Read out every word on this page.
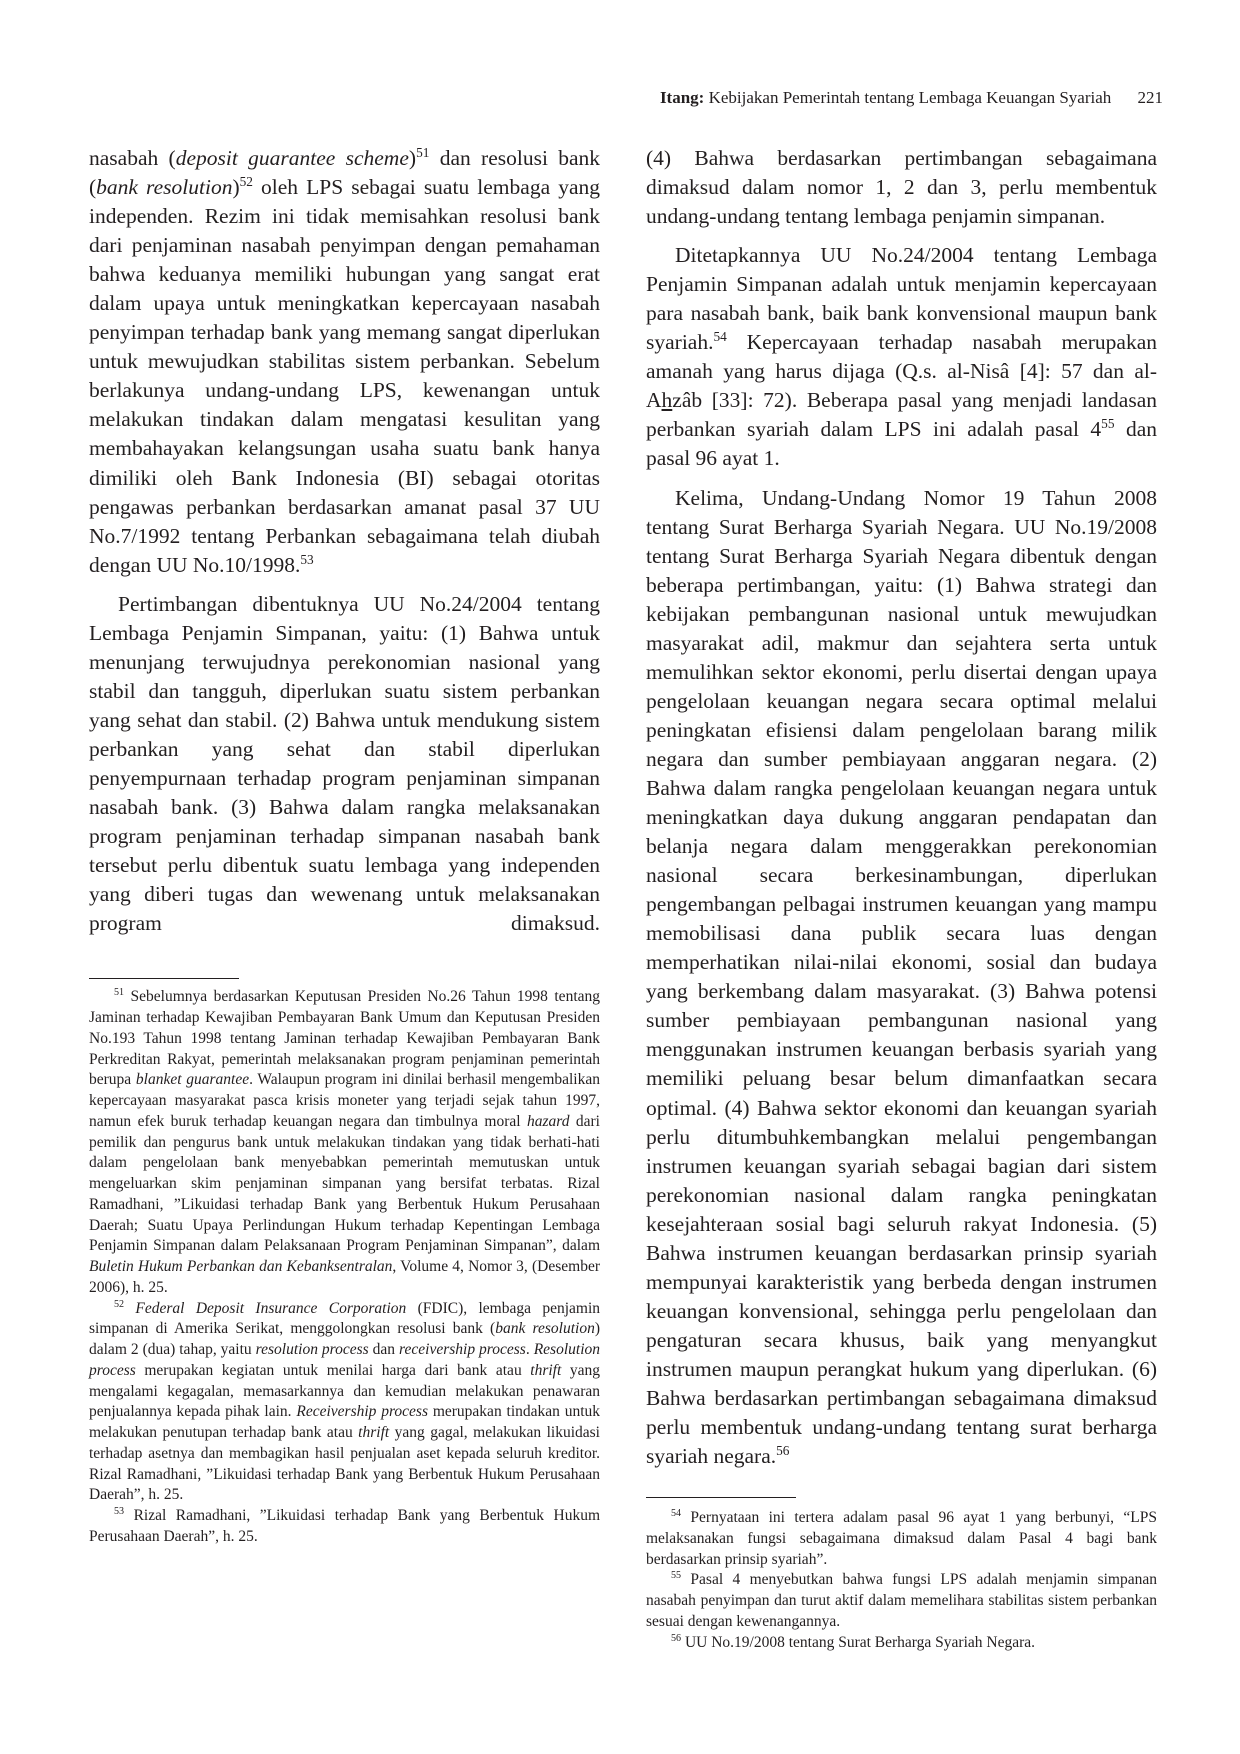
Itang: Kebijakan Pemerintah tentang Lembaga Keuangan Syariah 221

nasabah (deposit guarantee scheme)$^{51}$ dan resolusi bank (bank resolution)$^{52}$ oleh LPS sebagai suatu lembaga yang independen. Rezim ini tidak memisahkan resolusi bank dari penjaminan nasabah penyimpan dengan pemahaman bahwa keduanya memiliki hubungan yang sangat erat dalam upaya untuk meningkatkan kepercayaan nasabah penyimpan terhadap bank yang memang sangat diperlukan untuk mewujudkan stabilitas sistem perbankan. Sebelum berlakunya undang-undang LPS, kewenangan untuk melakukan tindakan dalam mengatasi kesulitan yang membahayakan kelangsungan usaha suatu bank hanya dimiliki oleh Bank Indonesia (BI) sebagai otoritas pengawas perbankan berdasarkan amanat pasal 37 UU No.7/1992 tentang Perbankan sebagaimana telah diubah dengan UU No.10/1998.53

Pertimbangan dibentuknya UU No.24/2004 tentang Lembaga Penjamin Simpanan, yaitu: (1) Bahwa untuk menunjang terwujudnya perekonomian nasional yang stabil dan tangguh, diperlukan suatu sistem perbankan yang sehat dan stabil. (2) Bahwa untuk mendukung sistem perbankan yang sehat dan stabil diperlukan penyempurnaan terhadap program penjaminan simpanan nasabah bank. (3) Bahwa dalam rangka melaksanakan program penjaminan terhadap simpanan nasabah bank tersebut perlu dibentuk suatu lembaga yang independen yang diberi tugas dan wewenang untuk melaksanakan program dimaksud.

$^{51}$ Sebelumnya berdasarkan Keputusan Presiden No.26 Tahun 1998 tentang Jaminan terhadap Kewajiban Pembayaran Bank Umum dan Keputusan Presiden No.193 Tahun 1998 tentang Jaminan terhadap Kewajiban Pembayaran Bank Perkreditan Rakyat, pemerintah melaksanakan program penjaminan pemerintah berupa blanket guarantee. Walaupun program ini dinilai berhasil mengembalikan kepercayaan masyarakat pasca krisis moneter yang terjadi sejak tahun 1997, namun efek buruk terhadap keuangan negara dan timbulnya moral hazard dari pemilik dan pengurus bank untuk melakukan tindakan yang tidak berhati-hati dalam pengelolaan bank menyebabkan pemerintah memutuskan untuk mengeluarkan skim penjaminan simpanan yang bersifat terbatas. Rizal Ramadhani, ”Likuidasi terhadap Bank yang Berbentuk Hukum Perusahaan Daerah; Suatu Upaya Perlindungan Hukum terhadap Kepentingan Lembaga Penjamin Simpanan dalam Pelaksanaan Program Penjaminan Simpanan”, dalam Buletin Hukum Perbankan dan Kebanksentralan, Volume 4, Nomor 3, (Desember 2006), h. 25.

$^{52}$ Federal Deposit Insurance Corporation (FDIC), lembaga penjamin simpanan di Amerika Serikat, menggolongkan resolusi bank (bank resolution) dalam 2 (dua) tahap, yaitu resolution process dan receivership process. Resolution process merupakan kegiatan untuk menilai harga dari bank atau thrift yang mengalami kegagalan, memasarkannya dan kemudian melakukan penawaran penjualannya kepada pihak lain. Receivership process merupakan tindakan untuk melakukan penutupan terhadap bank atau thrift yang gagal, melakukan likuidasi terhadap asetnya dan membagikan hasil penjualan aset kepada seluruh kreditor. Rizal Ramadhani, ”Likuidasi terhadap Bank yang Berbentuk Hukum Perusahaan Daerah”, h. 25.

$^{53}$ Rizal Ramadhani, ”Likuidasi terhadap Bank yang Berbentuk Hukum Perusahaan Daerah”, h. 25.

(4) Bahwa berdasarkan pertimbangan sebagaimana dimaksud dalam nomor 1, 2 dan 3, perlu membentuk undang-undang tentang lembaga penjamin simpanan.

Ditetapkannya UU No.24/2004 tentang Lembaga Penjamin Simpanan adalah untuk menjamin kepercayaan para nasabah bank, baik bank konvensional maupun bank syariah.$^{54}$ Kepercayaan terhadap nasabah merupakan amanah yang harus dijaga (Q.s. al-Nisâ [4]: 57 dan al-Ahzâb [33]: 72). Beberapa pasal yang menjadi landasan perbankan syariah dalam LPS ini adalah pasal $4^{55}$ dan pasal 96 ayat 1.

Kelima, Undang-Undang Nomor 19 Tahun 2008 tentang Surat Berharga Syariah Negara. UU No.19/2008 tentang Surat Berharga Syariah Negara dibentuk dengan beberapa pertimbangan, yaitu: (1) Bahwa strategi dan kebijakan pembangunan nasional untuk mewujudkan masyarakat adil, makmur dan sejahtera serta untuk memulihkan sektor ekonomi, perlu disertai dengan upaya pengelolaan keuangan negara secara optimal melalui peningkatan efisiensi dalam pengelolaan barang milik negara dan sumber pembiayaan anggaran negara. (2) Bahwa dalam rangka pengelolaan keuangan negara untuk meningkatkan daya dukung anggaran pendapatan dan belanja negara dalam menggerakkan perekonomian nasional secara berkesinambungan, diperlukan pengembangan pelbagai instrumen keuangan yang mampu memobilisasi dana publik secara luas dengan memperhatikan nilai-nilai ekonomi, sosial dan budaya yang berkembang dalam masyarakat. (3) Bahwa potensi sumber pembiayaan pembangunan nasional yang menggunakan instrumen keuangan berbasis syariah yang memiliki peluang besar belum dimanfaatkan secara optimal. (4) Bahwa sektor ekonomi dan keuangan syariah perlu ditumbuhkembangkan melalui pengembangan instrumen keuangan syariah sebagai bagian dari sistem perekonomian nasional dalam rangka peningkatan kesejahteraan sosial bagi seluruh rakyat Indonesia. (5) Bahwa instrumen keuangan berdasarkan prinsip syariah mempunyai karakteristik yang berbeda dengan instrumen keuangan konvensional, sehingga perlu pengelolaan dan pengaturan secara khusus, baik yang menyangkut instrumen maupun perangkat hukum yang diperlukan. (6) Bahwa berdasarkan pertimbangan sebagaimana dimaksud perlu membentuk undang-undang tentang surat berharga syariah negara.$^{56}$

$^{54}$ Pernyataan ini tertera adalam pasal 96 ayat 1 yang berbunyi, “LPS melaksanakan fungsi sebagaimana dimaksud dalam Pasal 4 bagi bank berdasarkan prinsip syariah”.

$^{55}$ Pasal 4 menyebutkan bahwa fungsi LPS adalah menjamin simpanan nasabah penyimpan dan turut aktif dalam memelihara stabilitas sistem perbankan sesuai dengan kewenangannya.

$^{56}$ UU No.19/2008 tentang Surat Berharga Syariah Negara.
